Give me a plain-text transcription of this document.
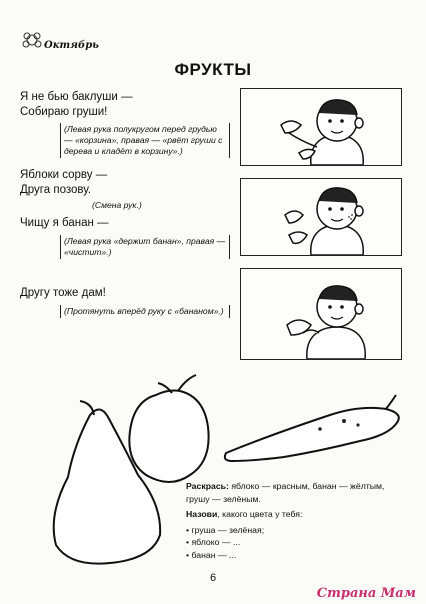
Октябрь
ФРУКТЫ
Я не бью баклуши —
Собираю груши!
(Левая рука полукругом перед грудью — «корзина», правая — «рвёт груши с дерева и кладёт в корзину».)
Яблоки сорву —
Друга позову.
(Смена рук.)
Чищу я банан —
(Левая рука «держит банан», правая — «чистит».)
Другу тоже дам!
(Протянуть вперёд руку с «бананом».)
Раскрась: яблоко — красным, банан — жёлтым, грушу — зелёным.
Назови, какого цвета у тебя:
• груша — зелёная;
• яблоко — ...
• банан — ...
6
Страна Мам
